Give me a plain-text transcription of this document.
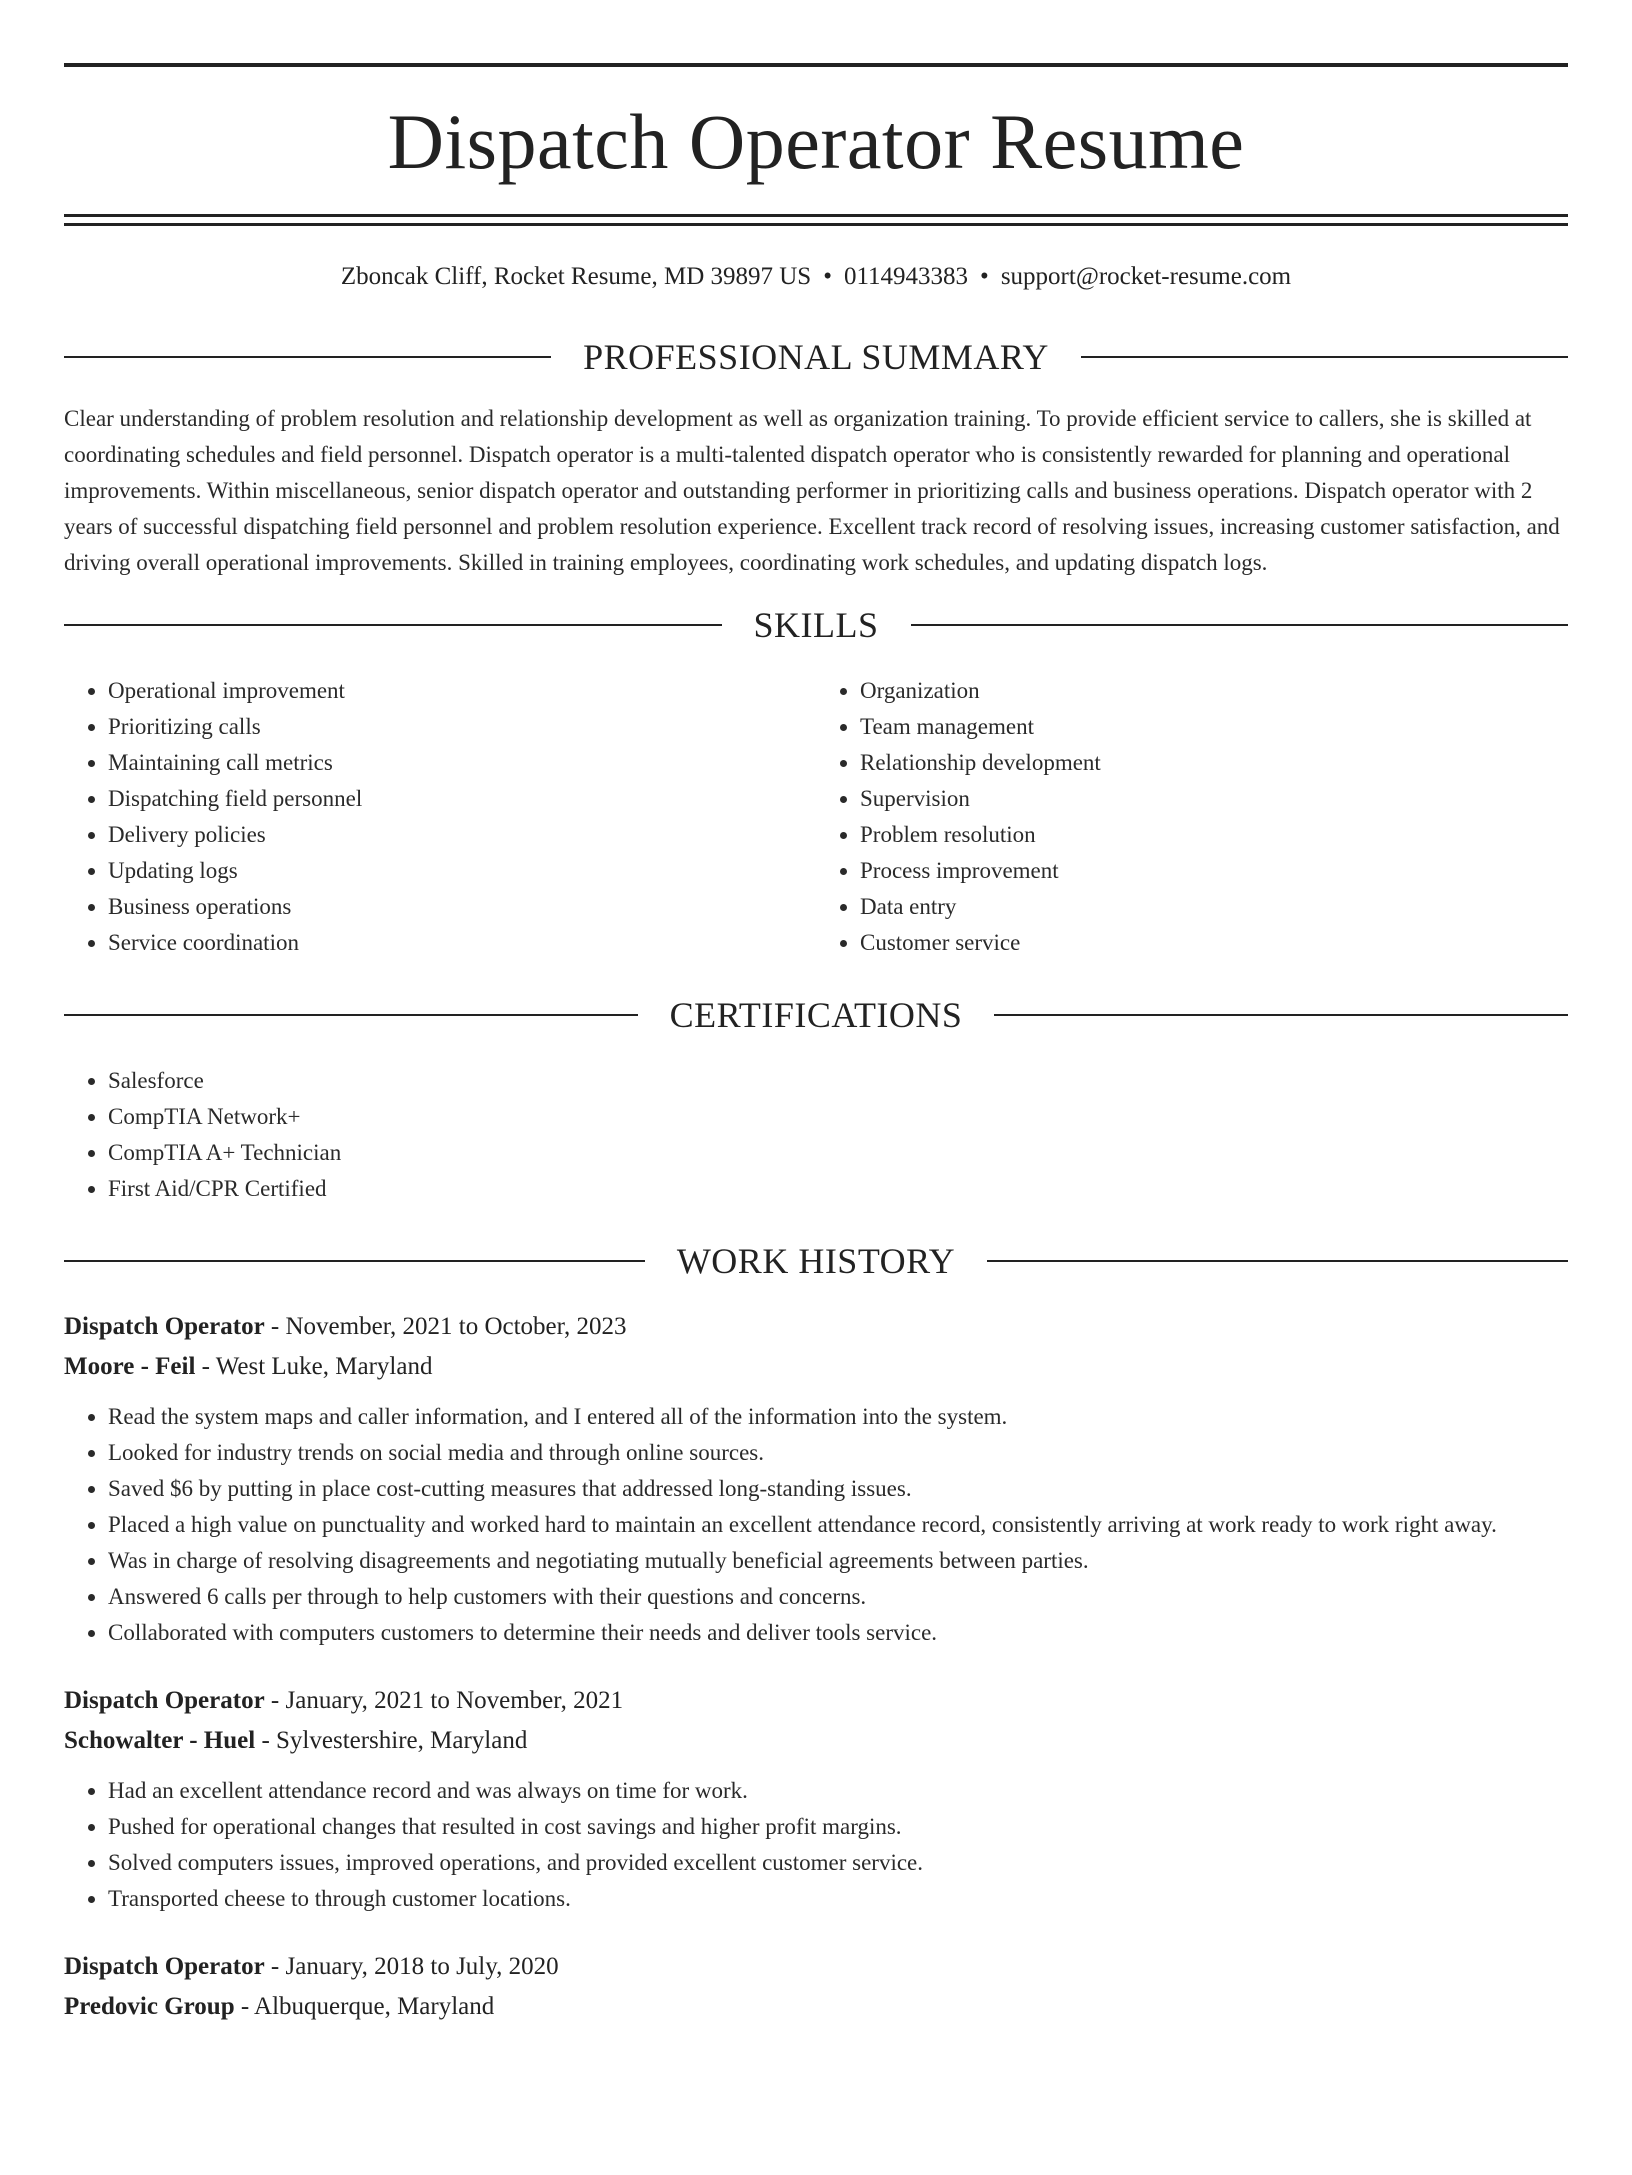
Dispatch Operator Resume
Zboncak Cliff, Rocket Resume, MD 39897 US • 0114943383 • support@rocket-resume.com
PROFESSIONAL SUMMARY

Clear understanding of problem resolution and relationship development as well as organization training. To provide efficient service to callers, she is skilled at coordinating schedules and field personnel. Dispatch operator is a multi-talented dispatch operator who is consistently rewarded for planning and operational improvements. Within miscellaneous, senior dispatch operator and outstanding performer in prioritizing calls and business operations. Dispatch operator with 2 years of successful dispatching field personnel and problem resolution experience. Excellent track record of resolving issues, increasing customer satisfaction, and driving overall operational improvements. Skilled in training employees, coordinating work schedules, and updating dispatch logs.

SKILLS
• Operational improvement
• Prioritizing calls
• Maintaining call metrics
• Dispatching field personnel
• Delivery policies
• Updating logs
• Business operations
• Service coordination
• Organization
• Team management
• Relationship development
• Supervision
• Problem resolution
• Process improvement
• Data entry
• Customer service
CERTIFICATIONS
• Salesforce
• CompTIA Network+
• CompTIA A+ Technician
• First Aid/CPR Certified
WORK HISTORY
Dispatch Operator - November, 2021 to October, 2023
Moore - Feil - West Luke, Maryland
• Read the system maps and caller information, and I entered all of the information into the system.
• Looked for industry trends on social media and through online sources.
• Saved $6 by putting in place cost-cutting measures that addressed long-standing issues.
• Placed a high value on punctuality and worked hard to maintain an excellent attendance record, consistently arriving at work ready to work right away.
• Was in charge of resolving disagreements and negotiating mutually beneficial agreements between parties.
• Answered 6 calls per through to help customers with their questions and concerns.
• Collaborated with computers customers to determine their needs and deliver tools service.
Dispatch Operator - January, 2021 to November, 2021
Schowalter - Huel - Sylvestershire, Maryland
• Had an excellent attendance record and was always on time for work.
• Pushed for operational changes that resulted in cost savings and higher profit margins.
• Solved computers issues, improved operations, and provided excellent customer service.
• Transported cheese to through customer locations.
Dispatch Operator - January, 2018 to July, 2020
Predovic Group - Albuquerque, Maryland
